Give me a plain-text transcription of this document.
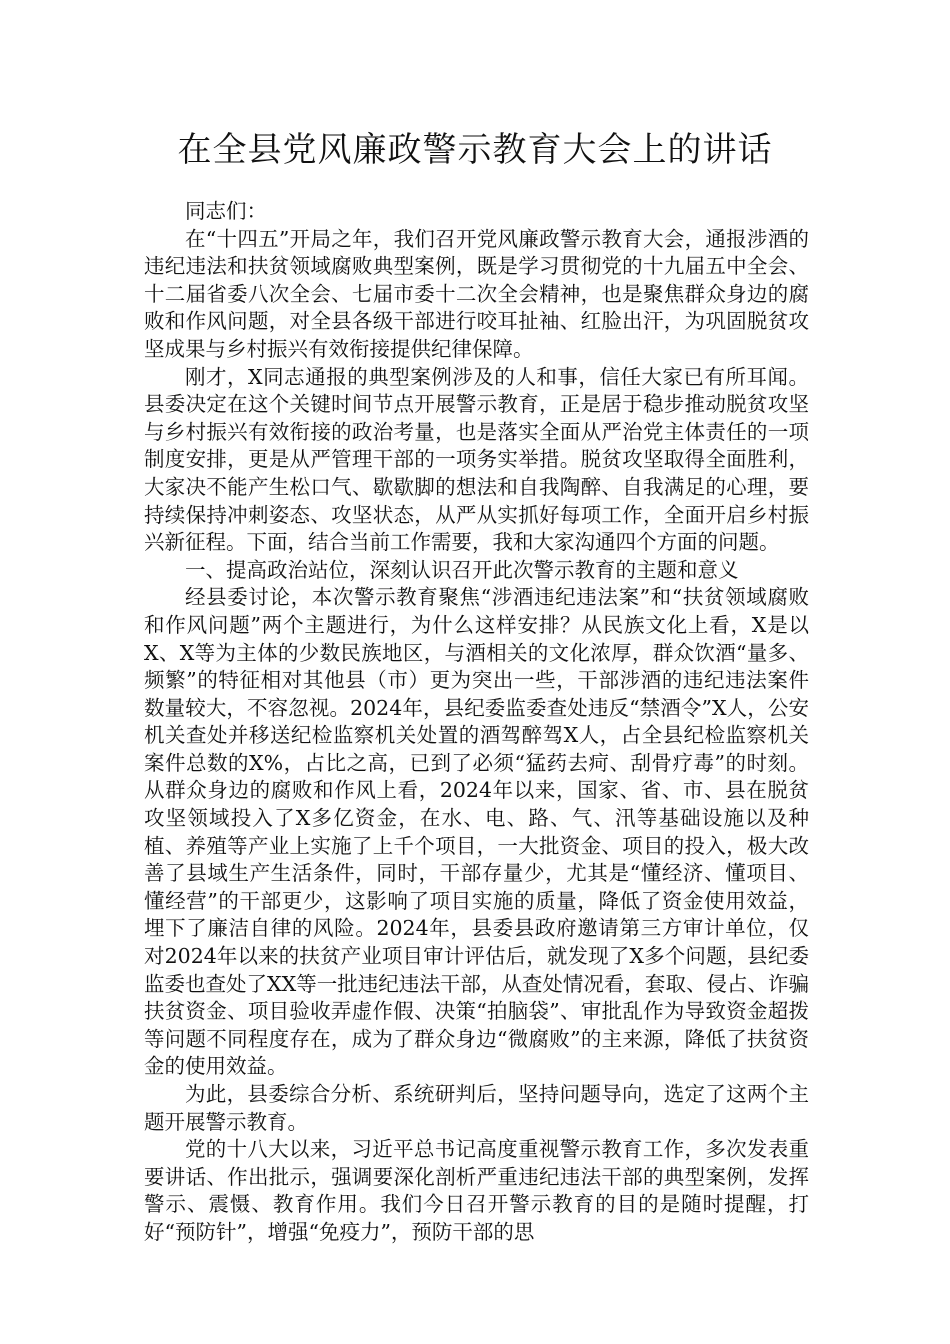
在全县党风廉政警示教育大会上的讲话

同志们：

在“十四五”开局之年，我们召开党风廉政警示教育大会，通报涉酒的违纪违法和扶贫领域腐败典型案例，既是学习贯彻党的十九届五中全会、十二届省委八次全会、七届市委十二次全会精神，也是聚焦群众身边的腐败和作风问题，对全县各级干部进行咬耳扯袖、红脸出汗，为巩固脱贫攻坚成果与乡村振兴有效衔接提供纪律保障。

刚才，X同志通报的典型案例涉及的人和事，信任大家已有所耳闻。县委决定在这个关键时间节点开展警示教育，正是居于稳步推动脱贫攻坚与乡村振兴有效衔接的政治考量，也是落实全面从严治党主体责任的一项制度安排，更是从严管理干部的一项务实举措。脱贫攻坚取得全面胜利，大家决不能产生松口气、歇歇脚的想法和自我陶醉、自我满足的心理，要持续保持冲刺姿态、攻坚状态，从严从实抓好每项工作，全面开启乡村振兴新征程。下面，结合当前工作需要，我和大家沟通四个方面的问题。

一、提高政治站位，深刻认识召开此次警示教育的主题和意义

经县委讨论，本次警示教育聚焦“涉酒违纪违法案”和“扶贫领域腐败和作风问题”两个主题进行，为什么这样安排？从民族文化上看，X是以X、X等为主体的少数民族地区，与酒相关的文化浓厚，群众饮酒“量多、频繁”的特征相对其他县（市）更为突出一些，干部涉酒的违纪违法案件数量较大，不容忽视。2024年，县纪委监委查处违反“禁酒令”X人，公安机关查处并移送纪检监察机关处置的酒驾醉驾X人，占全县纪检监察机关案件总数的X%，占比之高，已到了必须“猛药去疴、刮骨疗毒”的时刻。从群众身边的腐败和作风上看，2024年以来，国家、省、市、县在脱贫攻坚领域投入了X多亿资金，在水、电、路、气、汛等基础设施以及种植、养殖等产业上实施了上千个项目，一大批资金、项目的投入，极大改善了县域生产生活条件，同时，干部存量少，尤其是“懂经济、懂项目、懂经营”的干部更少，这影响了项目实施的质量，降低了资金使用效益，埋下了廉洁自律的风险。2024年，县委县政府邀请第三方审计单位，仅对2024年以来的扶贫产业项目审计评估后，就发现了X多个问题，县纪委监委也查处了XX等一批违纪违法干部，从查处情况看，套取、侵占、诈骗扶贫资金、项目验收弄虚作假、决策“拍脑袋”、审批乱作为导致资金超拨等问题不同程度存在，成为了群众身边“微腐败”的主来源，降低了扶贫资金的使用效益。

为此，县委综合分析、系统研判后，坚持问题导向，选定了这两个主题开展警示教育。

党的十八大以来，习近平总书记高度重视警示教育工作，多次发表重要讲话、作出批示，强调要深化剖析严重违纪违法干部的典型案例，发挥警示、震慑、教育作用。我们今日召开警示教育的目的是随时提醒，打好“预防针”，增强“免疫力”，预防干部的思
